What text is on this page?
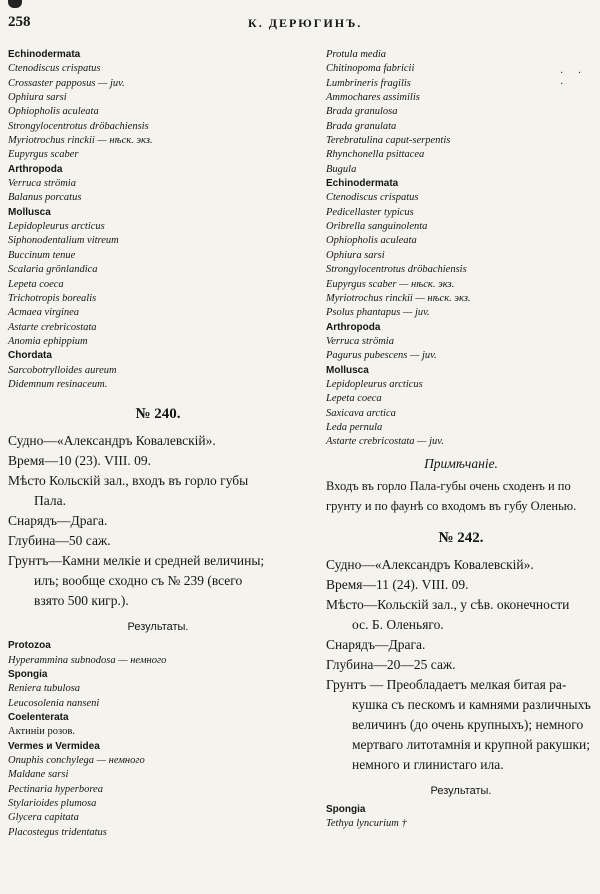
258	К. ДЕРЮГИНЪ.
· · ·
Echinodermata
Ctenodiscus crispatus
Crossaster papposus — juv.
Ophiura sarsi
Ophiopholis aculeata
Strongylocentrotus dröbachiensis
Myriotrochus rinckii — нѣск. экз.
Eupyrgus scaber
Arthropoda
Verruca strömia
Balanus porcatus
Mollusca
Lepidopleurus arcticus
Siphonodentalium vitreum
Buccinum tenue
Scalaria grönlandica
Lepeta coeca
Trichotropis borealis
Acmaea virginea
Astarte crebricostata
Anomia ephippium
Chordata
Sarcobotrylloides aureum
Didemnum resinaceum.
№ 240.
Судно—«Александръ Ковалевскій».
Время—10 (23). VIII. 09.
Мѣсто Кольскій зал., входъ въ горло губы
Пала.
Снарядъ—Драга.
Глубина—50 саж.
Грунтъ—Камни мелкіе и средней величины;
илъ; вообще сходно съ № 239 (всего
взято 500 кигр.).
Результаты.
Protozoa
Hyperammina subnodosa — немного
Spongia
Reniera tubulosa
Leucosolenia nanseni
Coelenterata
Актиніи розов.
Vermes и Vermidea
Onuphis conchylega — немного
Maldane sarsi
Pectinaria hyperborea
Stylarioides plumosa
Glycera capitata
Placostegus tridentatus
Protula media
Chitinopoma fabricii
Lumbrineris fragilis
Ammochares assimilis
Brada granulosa
Brada granulata
Terebratulina caput-serpentis
Rhynchonella psittacea
Bugula
Echinodermata
Ctenodiscus crispatus
Pedicellaster typicus
Oribrella sanguinolenta
Ophiopholis aculeata
Ophiura sarsi
Strongylocentrotus dröbachiensis
Eupyrgus scaber — нѣск. экз.
Myriotrochus rinckii — нѣск. экз.
Psolus phantapus — juv.
Arthropoda
Verruca strömia
Pagurus pubescens — juv.
Mollusca
Lepidopleurus arcticus
Lepeta coeca
Saxicava arctica
Leda pernula
Astarte crebricostata — juv.
Примѣчаніе.
Входъ въ горло Пала-губы очень сходенъ и по грунту и по фаунѣ со входомъ въ губу Оленью.
№ 242.
Судно—«Александръ Ковалевскій».
Время—11 (24). VIII. 09.
Мѣсто—Кольскій зал., у сѣв. оконечности
ос. Б. Оленьяго.
Снарядъ—Драга.
Глубина—20—25 саж.
Грунтъ — Преобладаетъ мелкая битая ра-
кушка съ пескомъ и камнями различныхъ
величинъ (до очень крупныхъ); немного
мертваго литотамнія и крупной ракушки;
немного и глинистаго ила.
Результаты.
Spongia
Tethya lyncurium †
